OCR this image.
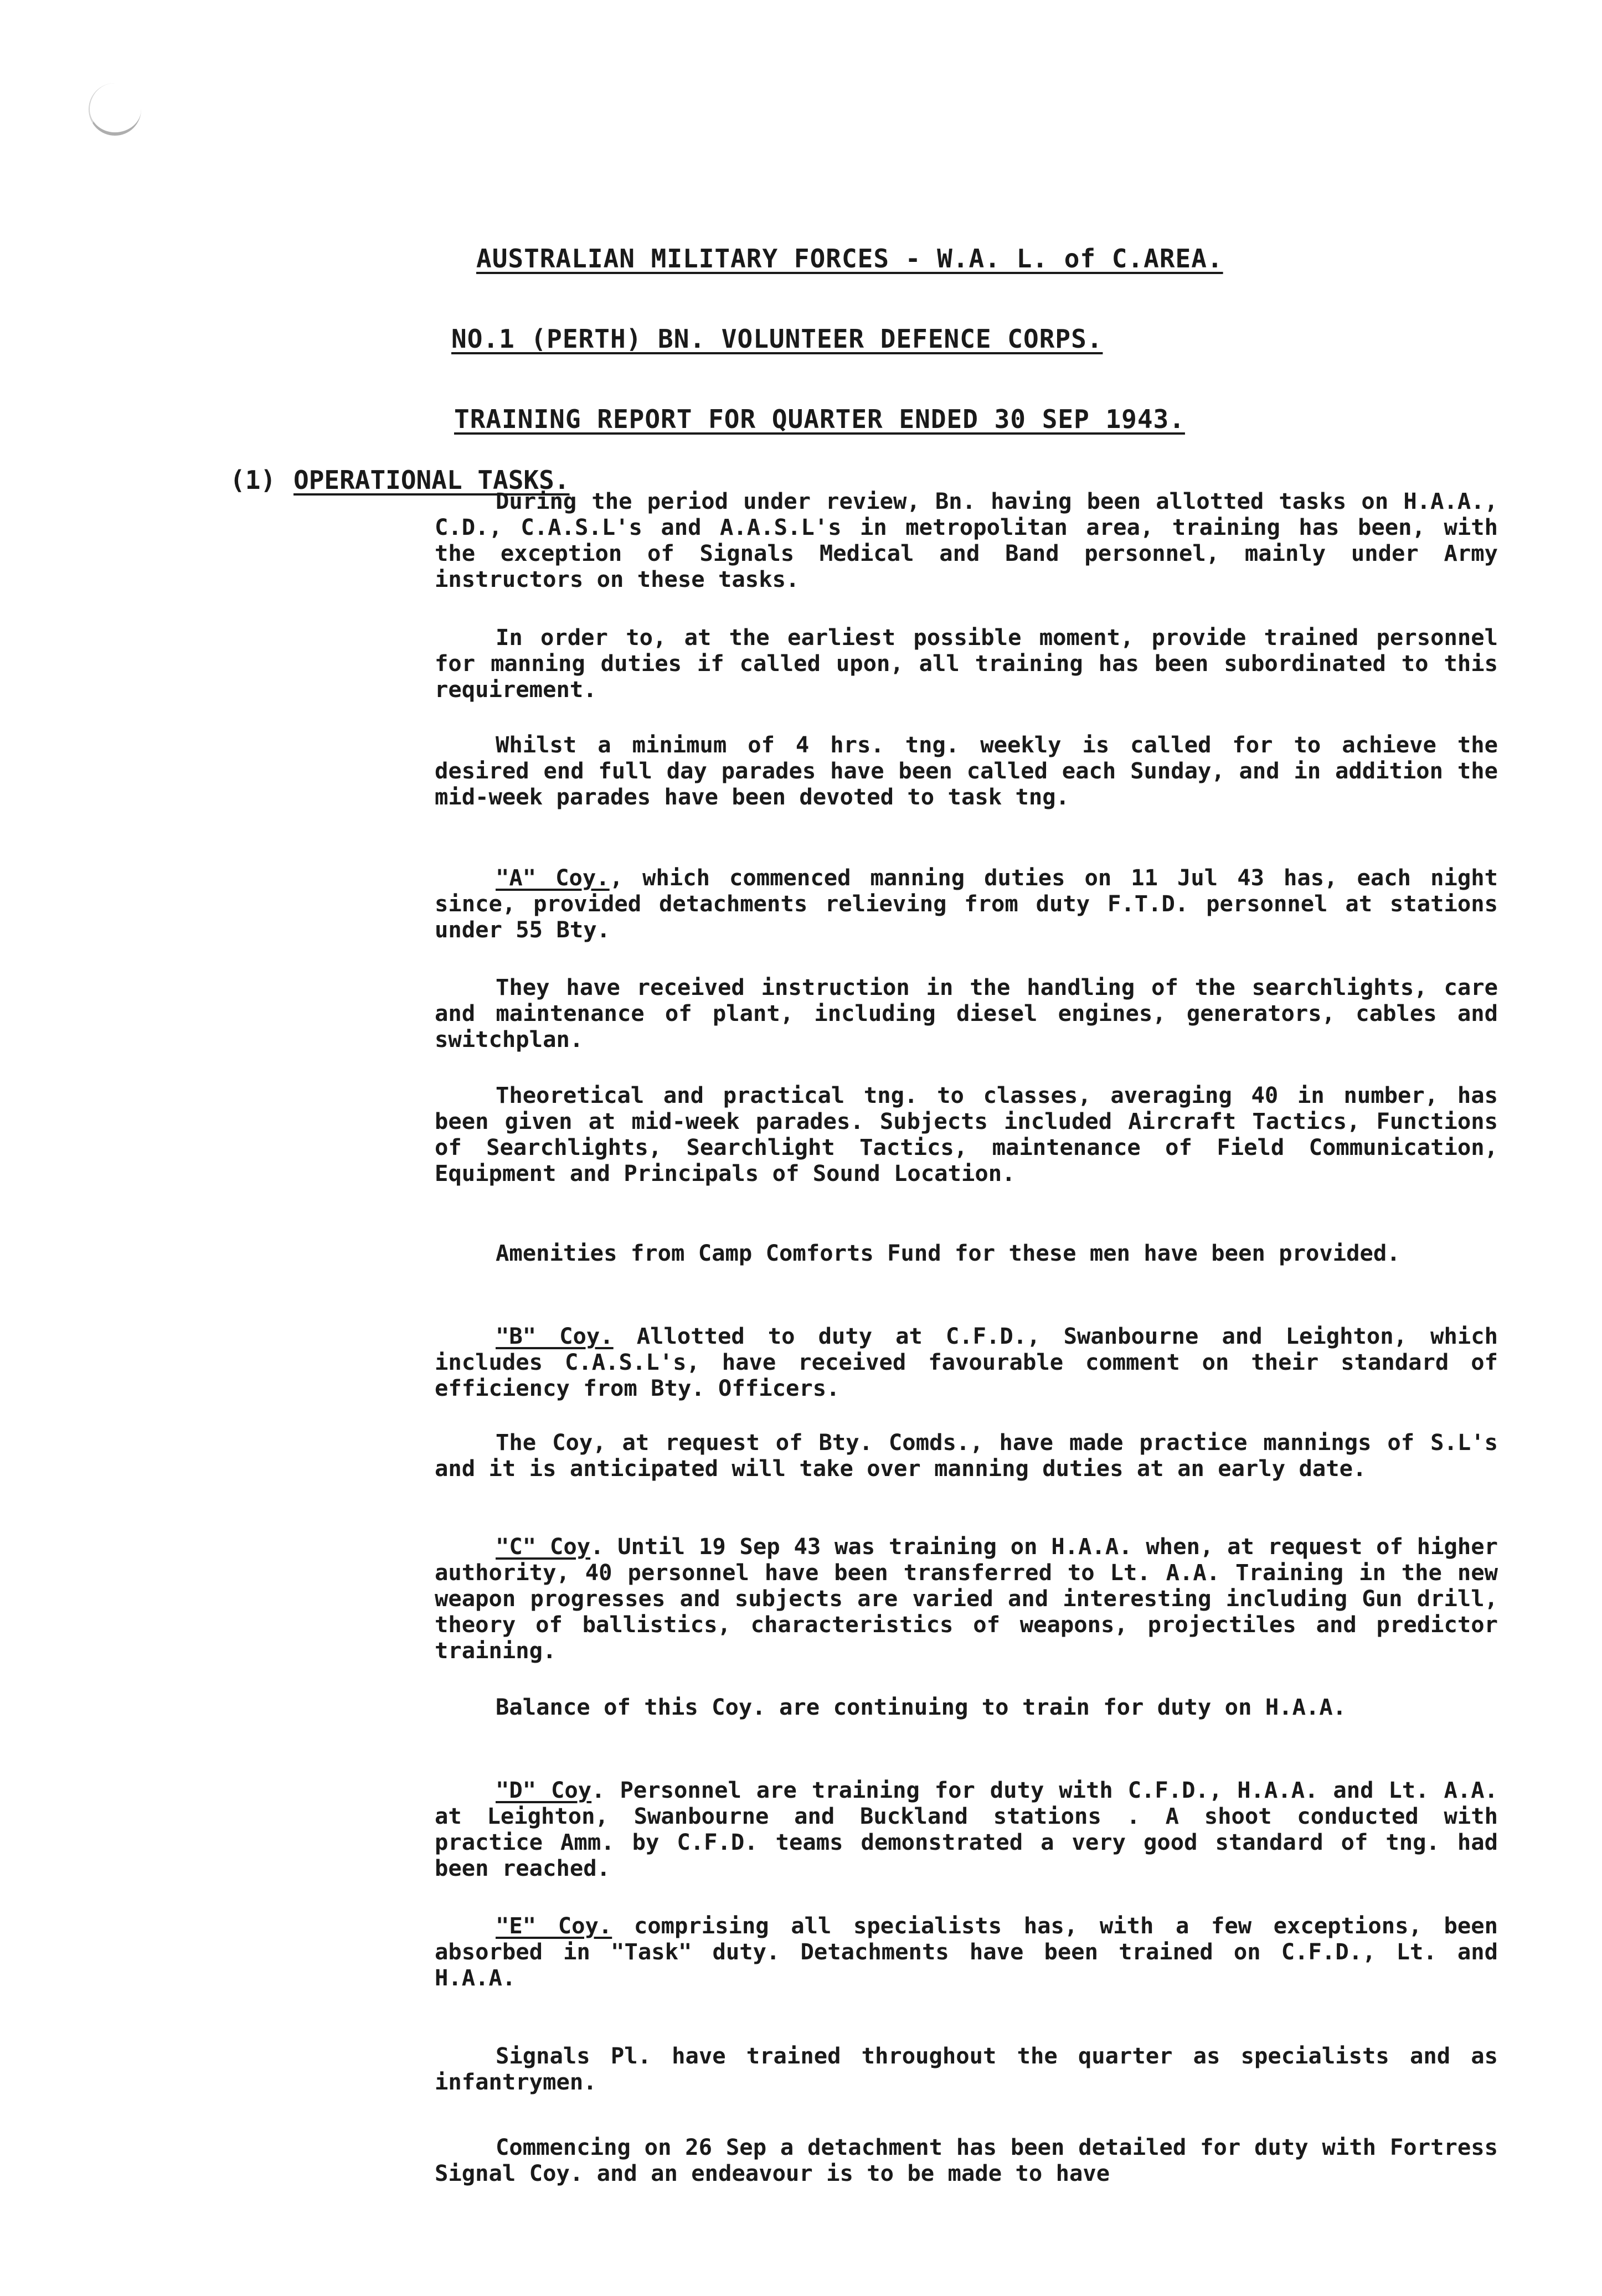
AUSTRALIAN MILITARY FORCES - W.A. L. of C.AREA.
NO.1 (PERTH) BN. VOLUNTEER DEFENCE CORPS.
TRAINING REPORT FOR QUARTER ENDED 30 SEP 1943.
(1) OPERATIONAL TASKS.

During the period under review, Bn. having been allotted tasks on H.A.A., C.D., C.A.S.L's and A.A.S.L's in metropolitan area, training has been, with the exception of Signals Medical and Band personnel, mainly under Army instructors on these tasks.

In order to, at the earliest possible moment, provide trained personnel for manning duties if called upon, all training has been subordinated to this requirement.

Whilst a minimum of 4 hrs. tng. weekly is called for to achieve the desired end full day parades have been called each Sunday, and in addition the mid-week parades have been devoted to task tng.

"A" Coy., which commenced manning duties on 11 Jul 43 has, each night since, provided detachments relieving from duty F.T.D. personnel at stations under 55 Bty.

They have received instruction in the handling of the searchlights, care and maintenance of plant, including diesel engines, generators, cables and switchplan.

Theoretical and practical tng. to classes, averaging 40 in number, has been given at mid-week parades. Subjects included Aircraft Tactics, Functions of Searchlights, Searchlight Tactics, maintenance of Field Communication, Equipment and Principals of Sound Location.

Amenities from Camp Comforts Fund for these men have been provided.

"B" Coy. Allotted to duty at C.F.D., Swanbourne and Leighton, which includes C.A.S.L's, have received favourable comment on their standard of efficiency from Bty. Officers.

The Coy, at request of Bty. Comds., have made practice mannings of S.L's and it is anticipated will take over manning duties at an early date.

"C" Coy. Until 19 Sep 43 was training on H.A.A. when, at request of higher authority, 40 personnel have been transferred to Lt. A.A. Training in the new weapon progresses and subjects are varied and interesting including Gun drill, theory of ballistics, characteristics of weapons, projectiles and predictor training.

Balance of this Coy. are continuing to train for duty on H.A.A.

"D" Coy. Personnel are training for duty with C.F.D., H.A.A. and Lt. A.A. at Leighton, Swanbourne and Buckland stations . A shoot conducted with practice Amm. by C.F.D. teams demonstrated a very good standard of tng. had been reached.

"E" Coy. comprising all specialists has, with a few exceptions, been absorbed in "Task" duty. Detachments have been trained on C.F.D., Lt. and H.A.A.

Signals Pl. have trained throughout the quarter as specialists and as infantrymen.

Commencing on 26 Sep a detachment has been detailed for duty with Fortress Signal Coy. and an endeavour is to be made to have
